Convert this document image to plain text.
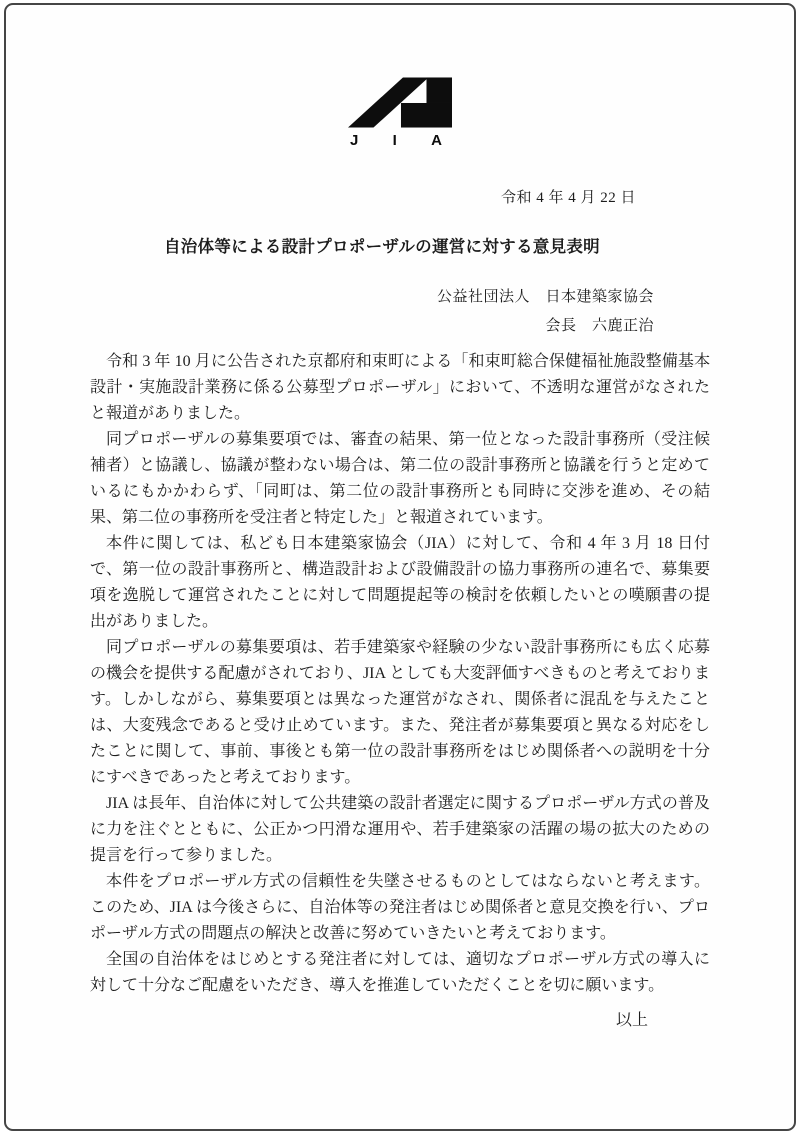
J I A
令和 4 年 4 月 22 日
自治体等による設計プロポーザルの運営に対する意見表明
公益社団法人　日本建築家協会
会長　六鹿正治

令和 3 年 10 月に公告された京都府和束町による「和束町総合保健福祉施設整備基本設計・実施設計業務に係る公募型プロポーザル」において、不透明な運営がなされたと報道がありました。

同プロポーザルの募集要項では、審査の結果、第一位となった設計事務所（受注候補者）と協議し、協議が整わない場合は、第二位の設計事務所と協議を行うと定めているにもかかわらず、「同町は、第二位の設計事務所とも同時に交渉を進め、その結果、第二位の事務所を受注者と特定した」と報道されています。

本件に関しては、私ども日本建築家協会（JIA）に対して、令和 4 年 3 月 18 日付で、第一位の設計事務所と、構造設計および設備設計の協力事務所の連名で、募集要項を逸脱して運営されたことに対して問題提起等の検討を依頼したいとの嘆願書の提出がありました。

同プロポーザルの募集要項は、若手建築家や経験の少ない設計事務所にも広く応募の機会を提供する配慮がされており、JIA としても大変評価すべきものと考えております。しかしながら、募集要項とは異なった運営がなされ、関係者に混乱を与えたことは、大変残念であると受け止めています。また、発注者が募集要項と異なる対応をしたことに関して、事前、事後とも第一位の設計事務所をはじめ関係者への説明を十分にすべきであったと考えております。

JIA は長年、自治体に対して公共建築の設計者選定に関するプロポーザル方式の普及に力を注ぐとともに、公正かつ円滑な運用や、若手建築家の活躍の場の拡大のための提言を行って参りました。

本件をプロポーザル方式の信頼性を失墜させるものとしてはならないと考えます。このため、JIA は今後さらに、自治体等の発注者はじめ関係者と意見交換を行い、プロポーザル方式の問題点の解決と改善に努めていきたいと考えております。

全国の自治体をはじめとする発注者に対しては、適切なプロポーザル方式の導入に対して十分なご配慮をいただき、導入を推進していただくことを切に願います。

以上
